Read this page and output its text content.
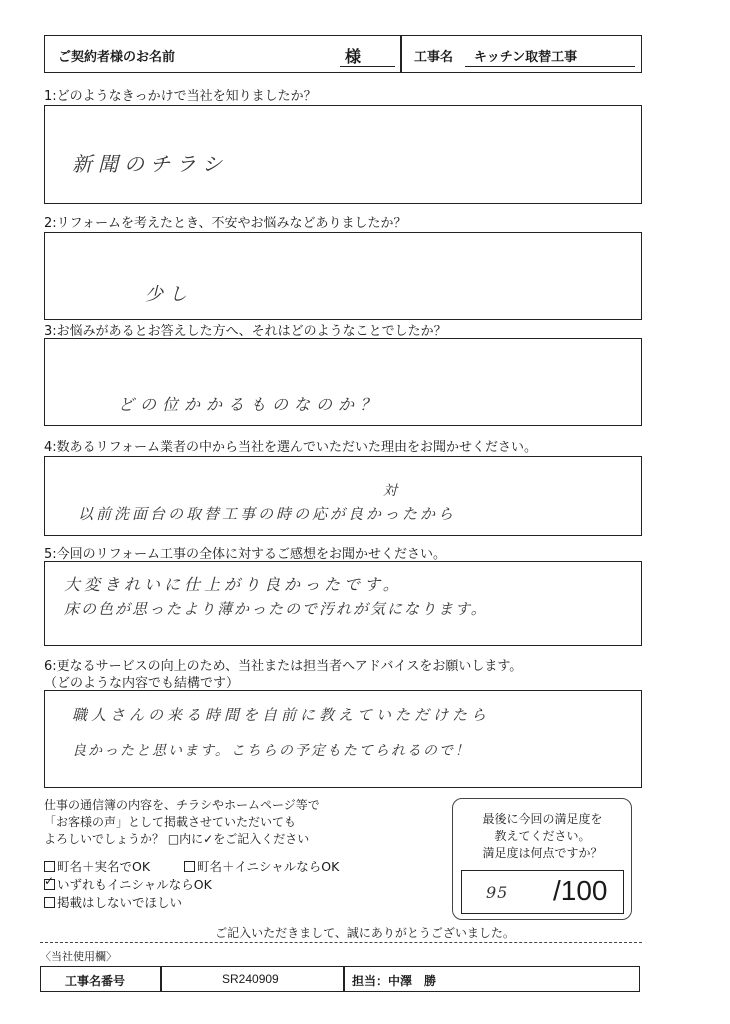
ご契約者様のお名前	様	工事名 キッチン取替工事
1:どのようなきっかけで当社を知りましたか？
新聞のチラシ
2:リフォームを考えたとき、不安やお悩みなどありましたか？
少し
3:お悩みがあるとお答えした方へ、それはどのようなことでしたか？
どの位かかるものなのか？
4:数あるリフォーム業者の中から当社を選んでいただいた理由をお聞かせください。
対
以前洗面台の取替工事の時の応が良かったから
5:今回のリフォーム工事の全体に対するご感想をお聞かせください。
大変きれいに仕上がり良かったです。
床の色が思ったより薄かったので汚れが気になります。
6:更なるサービスの向上のため、当社または担当者へアドバイスをお願いします。
（どのような内容でも結構です）
職人さんの来る時間を自前に教えていただけたら
良かったと思います。こちらの予定もたてられるので！
仕事の通信簿の内容を、チラシやホームページ等で
「お客様の声」として掲載させていただいても
よろしいでしょうか？ □内に✓をご記入ください
町名＋実名でOK	町名＋イニシャルならOK
✓ いずれもイニシャルならOK
掲載はしないでほしい
最後に今回の満足度を
教えてください。
満足度は何点ですか？
95 /100
ご記入いただきまして、誠にありがとうございました。
〈当社使用欄〉
工事名番号	SR240909	担当：中澤　勝
